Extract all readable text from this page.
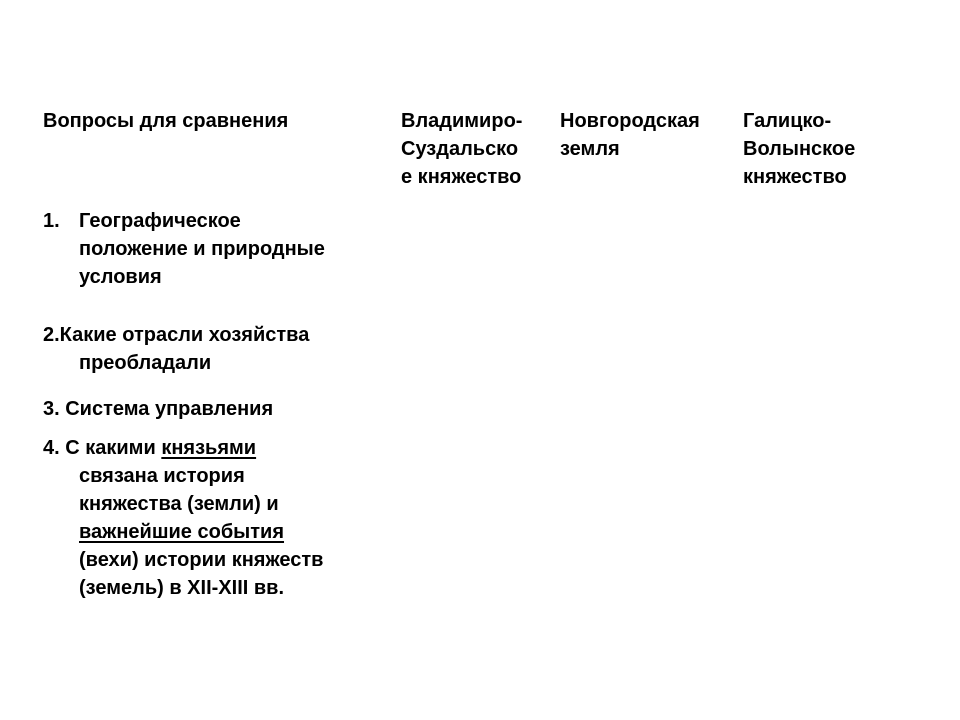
Вопросы для сравнения	Владимиро-
Суздальско
е княжество
Новгородская
земля
Галицко-
Волынское
княжество
1. Географическое
положение и природные
условия
2.Какие отрасли хозяйства
преобладали
3. Система управления
4. С какими князьями
связана история
княжества (земли) и
важнейшие события
(вехи) истории княжеств
(земель) в XII-XIII вв.
